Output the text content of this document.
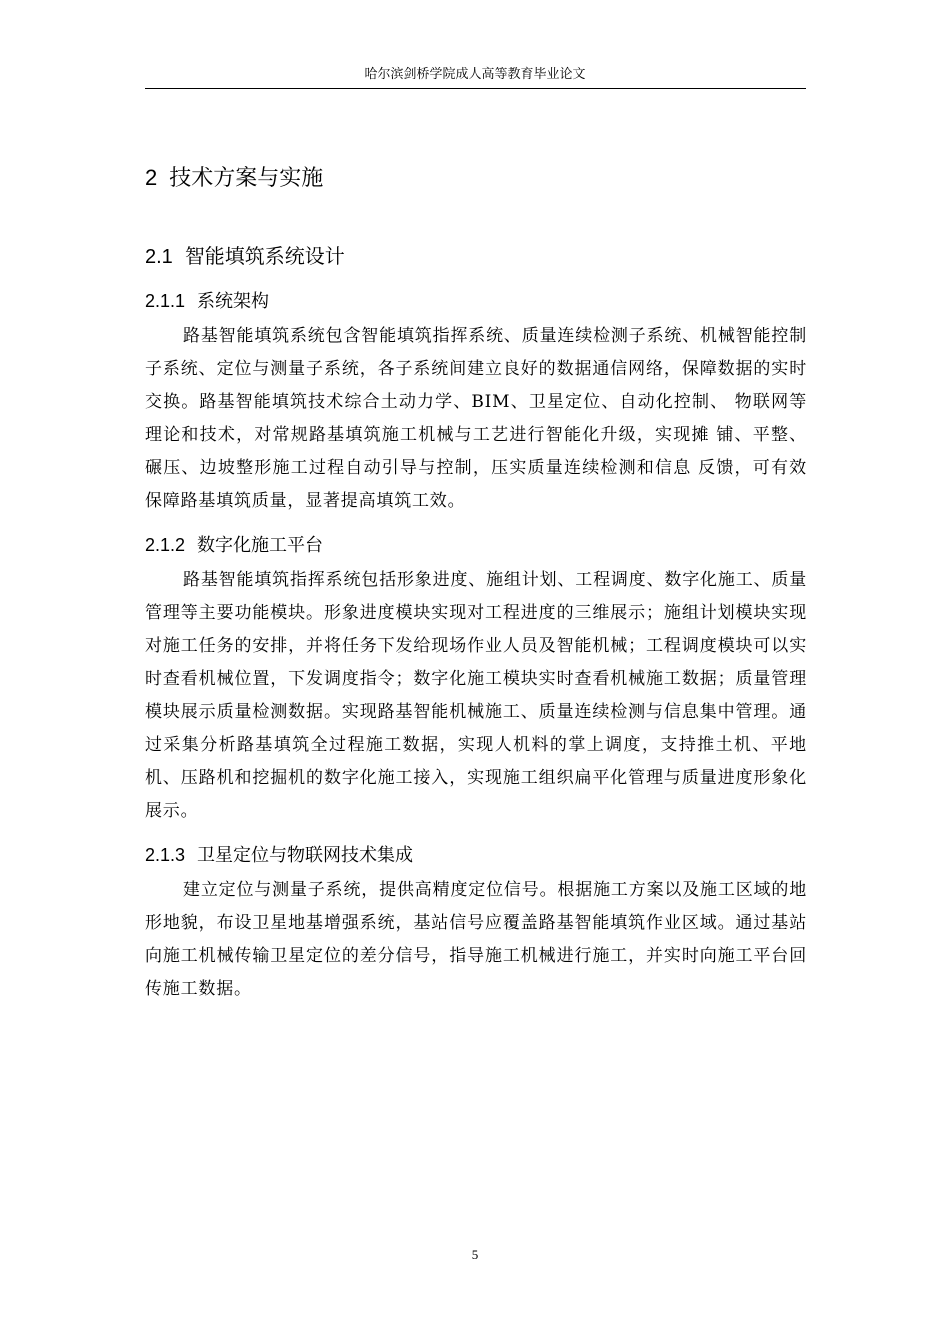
哈尔滨剑桥学院成人高等教育毕业论文
2 技术方案与实施
2.1 智能填筑系统设计
2.1.1 系统架构

路基智能填筑系统包含智能填筑指挥系统、质量连续检测子系统、机械智能控制子系统、定位与测量子系统，各子系统间建立良好的数据通信网络，保障数据的实时交换。路基智能填筑技术综合土动力学、BIM、卫星定位、自动化控制、 物联网等理论和技术，对常规路基填筑施工机械与工艺进行智能化升级，实现摊 铺、平整、碾压、边坡整形施工过程自动引导与控制，压实质量连续检测和信息 反馈，可有效保障路基填筑质量，显著提高填筑工效。

2.1.2 数字化施工平台

路基智能填筑指挥系统包括形象进度、施组计划、工程调度、数字化施工、质量管理等主要功能模块。形象进度模块实现对工程进度的三维展示；施组计划模块实现对施工任务的安排，并将任务下发给现场作业人员及智能机械；工程调度模块可以实时查看机械位置，下发调度指令；数字化施工模块实时查看机械施工数据；质量管理模块展示质量检测数据。实现路基智能机械施工、质量连续检测与信息集中管理。通过采集分析路基填筑全过程施工数据，实现人机料的掌上调度，支持推土机、平地机、压路机和挖掘机的数字化施工接入，实现施工组织扁平化管理与质量进度形象化展示。

2.1.3 卫星定位与物联网技术集成

建立定位与测量子系统，提供高精度定位信号。根据施工方案以及施工区域的地形地貌，布设卫星地基增强系统，基站信号应覆盖路基智能填筑作业区域。通过基站向施工机械传输卫星定位的差分信号，指导施工机械进行施工，并实时向施工平台回传施工数据。

5
